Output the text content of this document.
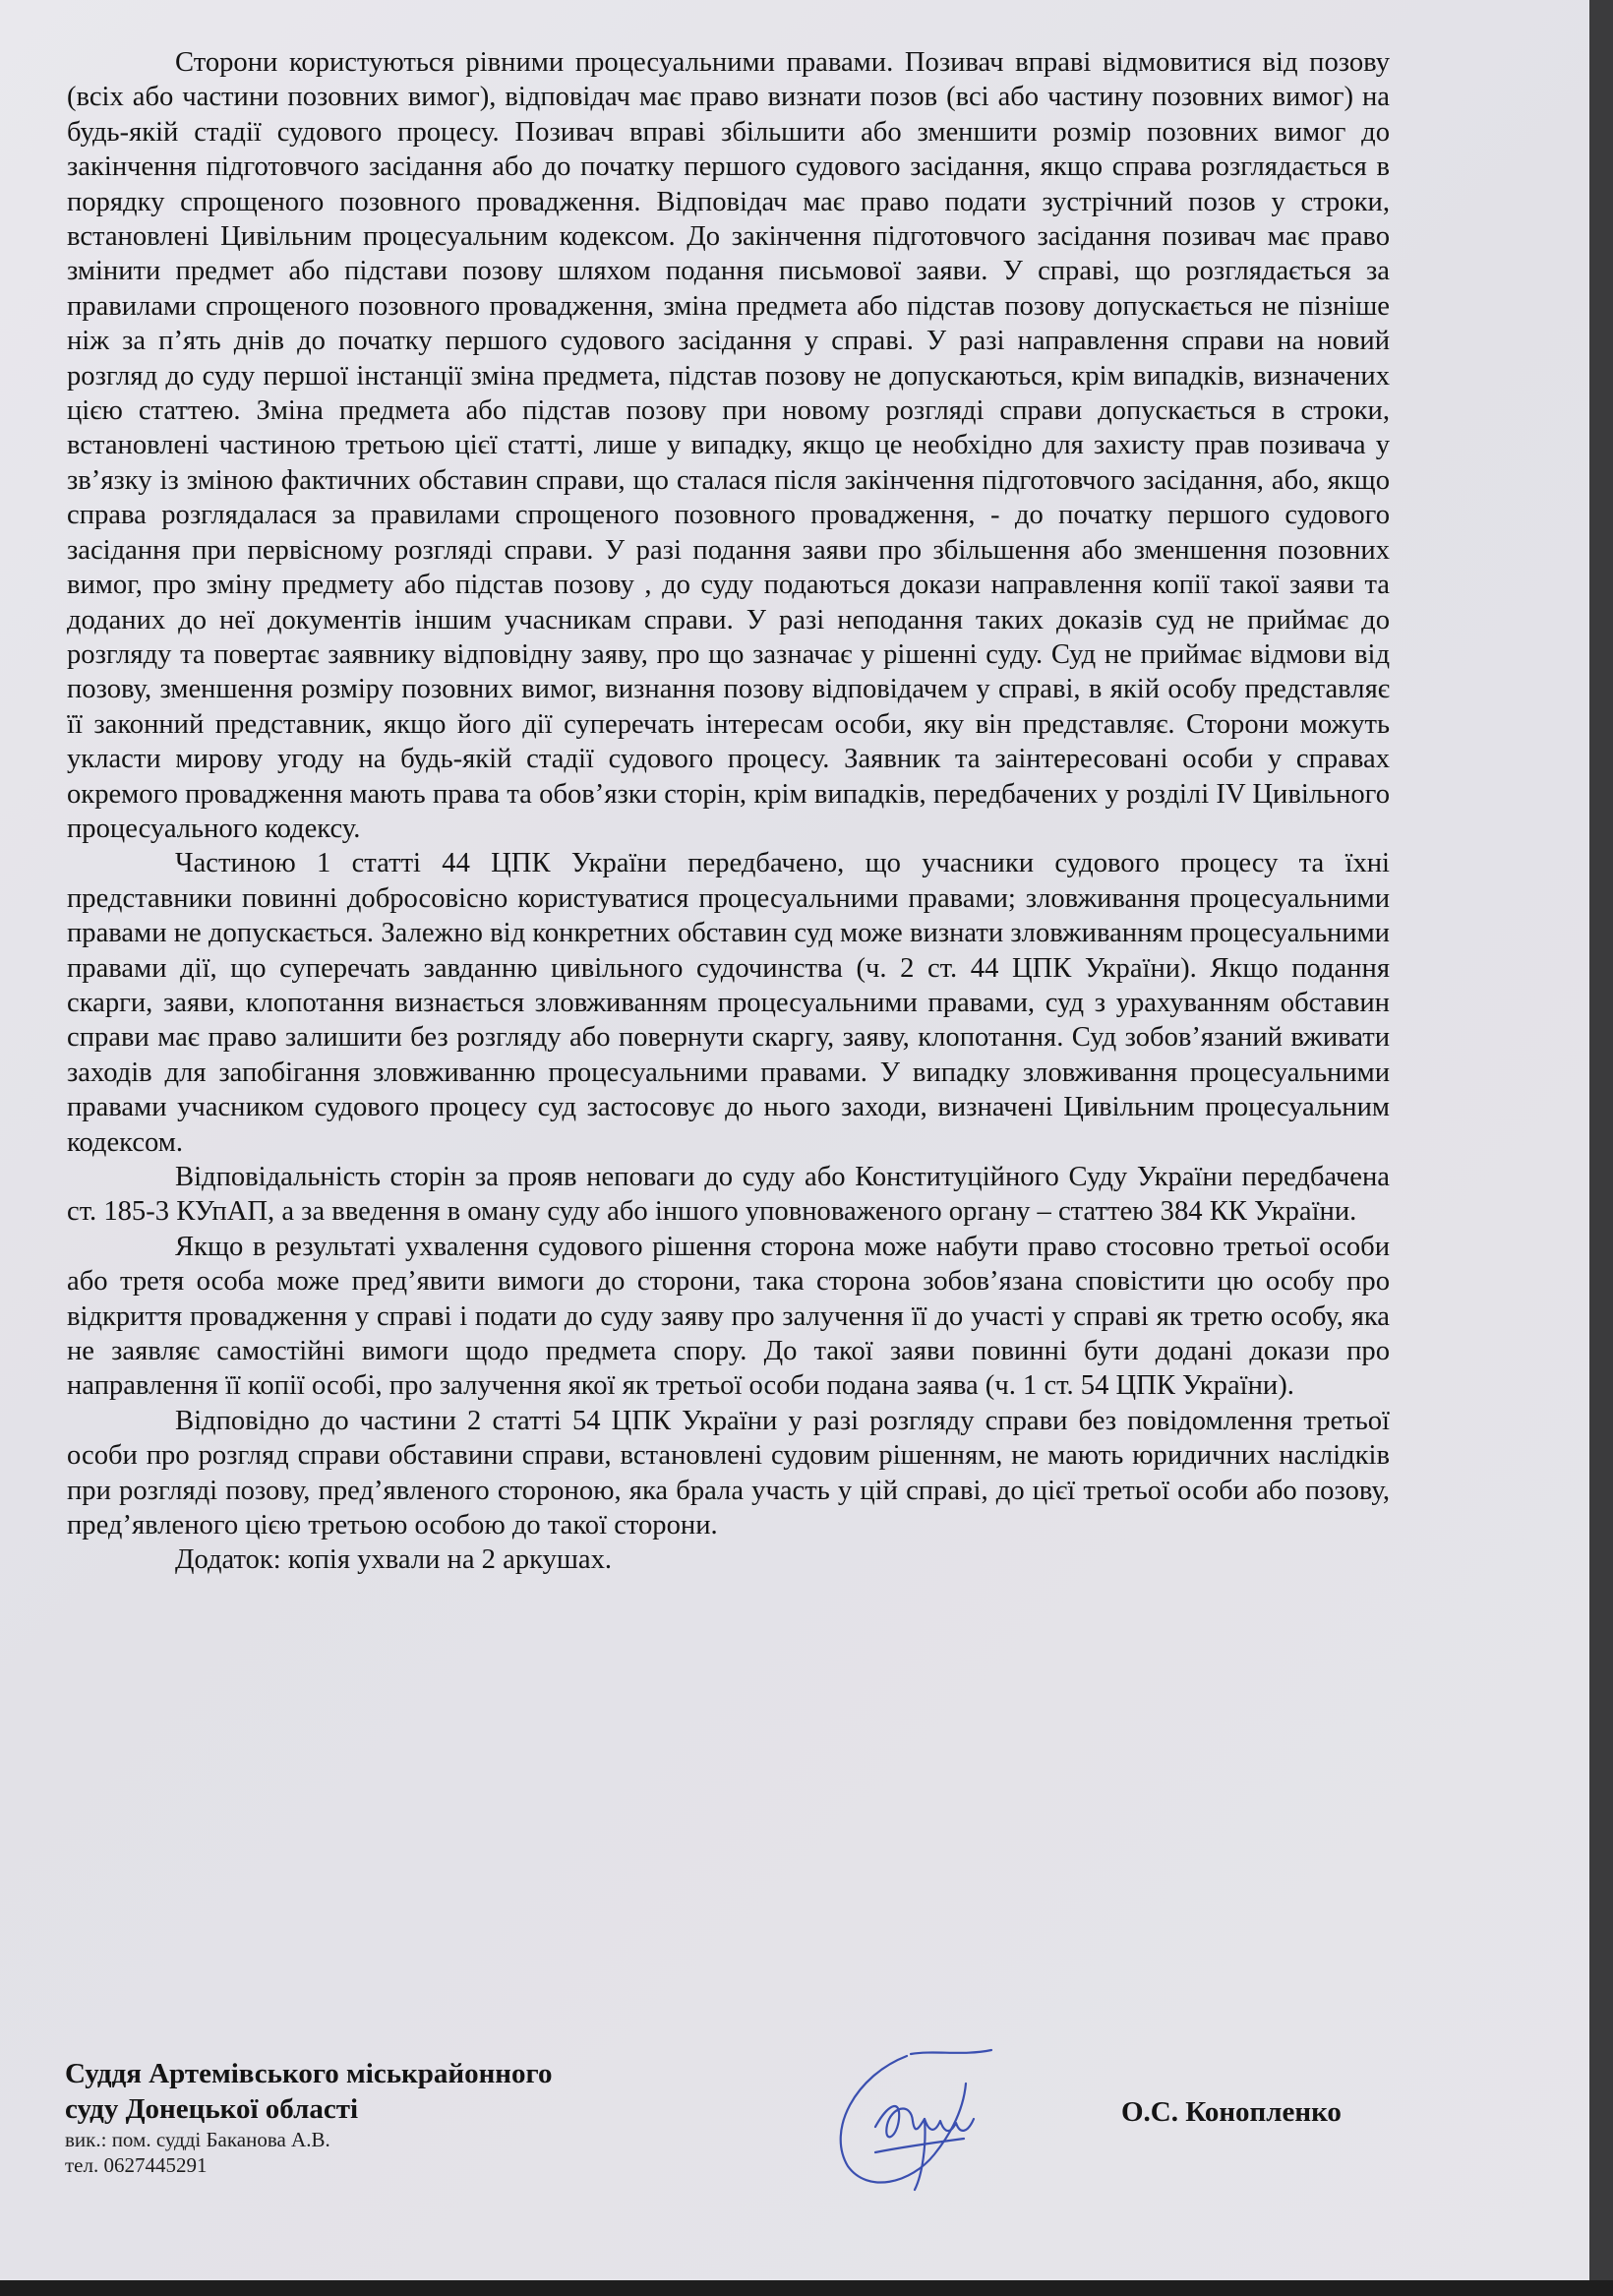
Сторони користуються рівними процесуальними правами. Позивач вправі відмовитися від позову (всіх або частини позовних вимог), відповідач має право визнати позов (всі або частину позовних вимог) на будь-якій стадії судового процесу. Позивач вправі збільшити або зменшити розмір позовних вимог до закінчення підготовчого засідання або до початку першого судового засідання, якщо справа розглядається в порядку спрощеного позовного провадження. Відповідач має право подати зустрічний позов у строки, встановлені Цивільним процесуальним кодексом. До закінчення підготовчого засідання позивач має право змінити предмет або підстави позову шляхом подання письмової заяви. У справі, що розглядається за правилами спрощеного позовного провадження, зміна предмета або підстав позову допускається не пізніше ніж за п’ять днів до початку першого судового засідання у справі. У разі направлення справи на новий розгляд до суду першої інстанції зміна предмета, підстав позову не допускаються, крім випадків, визначених цією статтею. Зміна предмета або підстав позову при новому розгляді справи допускається в строки, встановлені частиною третьою цієї статті, лише у випадку, якщо це необхідно для захисту прав позивача у зв’язку із зміною фактичних обставин справи, що сталася після закінчення підготовчого засідання, або, якщо справа розглядалася за правилами спрощеного позовного провадження, - до початку першого судового засідання при первісному розгляді справи. У разі подання заяви про збільшення або зменшення позовних вимог, про зміну предмету або підстав позову , до суду подаються докази направлення копії такої заяви та доданих до неї документів іншим учасникам справи. У разі неподання таких доказів суд не приймає до розгляду та повертає заявнику відповідну заяву, про що зазначає у рішенні суду. Суд не приймає відмови від позову, зменшення розміру позовних вимог, визнання позову відповідачем у справі, в якій особу представляє її законний представник, якщо його дії суперечать інтересам особи, яку він представляє. Сторони можуть укласти мирову угоду на будь-якій стадії судового процесу. Заявник та заінтересовані особи у справах окремого провадження мають права та обов’язки сторін, крім випадків, передбачених у розділі IV Цивільного процесуального кодексу.

Частиною 1 статті 44 ЦПК України передбачено, що учасники судового процесу та їхні представники повинні добросовісно користуватися процесуальними правами; зловживання процесуальними правами не допускається. Залежно від конкретних обставин суд може визнати зловживанням процесуальними правами дії, що суперечать завданню цивільного судочинства (ч. 2 ст. 44 ЦПК України). Якщо подання скарги, заяви, клопотання визнається зловживанням процесуальними правами, суд з урахуванням обставин справи має право залишити без розгляду або повернути скаргу, заяву, клопотання. Суд зобов’язаний вживати заходів для запобігання зловживанню процесуальними правами. У випадку зловживання процесуальними правами учасником судового процесу суд застосовує до нього заходи, визначені Цивільним процесуальним кодексом.

Відповідальність сторін за прояв неповаги до суду або Конституційного Суду України передбачена ст. 185-3 КУпАП, а за введення в оману суду або іншого уповноваженого органу – статтею 384 КК України.

Якщо в результаті ухвалення судового рішення сторона може набути право стосовно третьої особи або третя особа може пред’явити вимоги до сторони, така сторона зобов’язана сповістити цю особу про відкриття провадження у справі і подати до суду заяву про залучення її до участі у справі як третю особу, яка не заявляє самостійні вимоги щодо предмета спору. До такої заяви повинні бути додані докази про направлення її копії особі, про залучення якої як третьої особи подана заява (ч. 1 ст. 54 ЦПК України).

Відповідно до частини 2 статті 54 ЦПК України у разі розгляду справи без повідомлення третьої особи про розгляд справи обставини справи, встановлені судовим рішенням, не мають юридичних наслідків при розгляді позову, пред’явленого стороною, яка брала участь у цій справі, до цієї третьої особи або позову, пред’явленого цією третьою особою до такої сторони.

Додаток: копія ухвали на 2 аркушах.

Суддя Артемівського міськрайонного
суду Донецької області
вик.: пом. судді Баканова А.В.
тел. 0627445291
О.С. Конопленко
